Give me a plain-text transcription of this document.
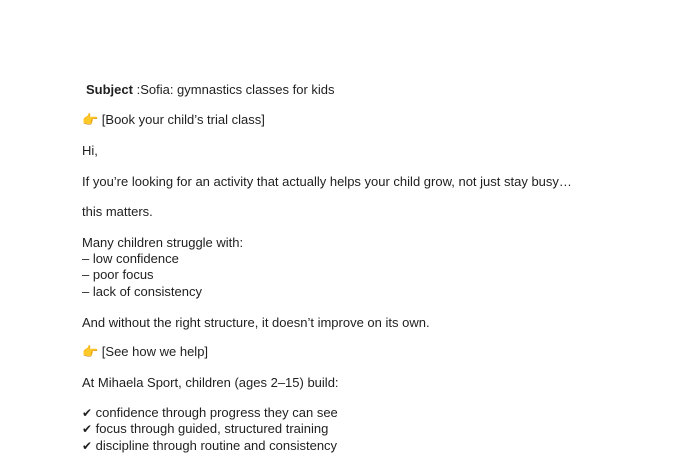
Subject :Sofia: gymnastics classes for kids
👉 [Book your child’s trial class]
Hi,
If you’re looking for an activity that actually helps your child grow, not just stay busy…
this matters.
Many children struggle with:
– low confidence
– poor focus
– lack of consistency
And without the right structure, it doesn’t improve on its own.
👉 [See how we help]
At Mihaela Sport, children (ages 2–15) build:
✔ confidence through progress they can see
✔ focus through guided, structured training
✔ discipline through routine and consistency
